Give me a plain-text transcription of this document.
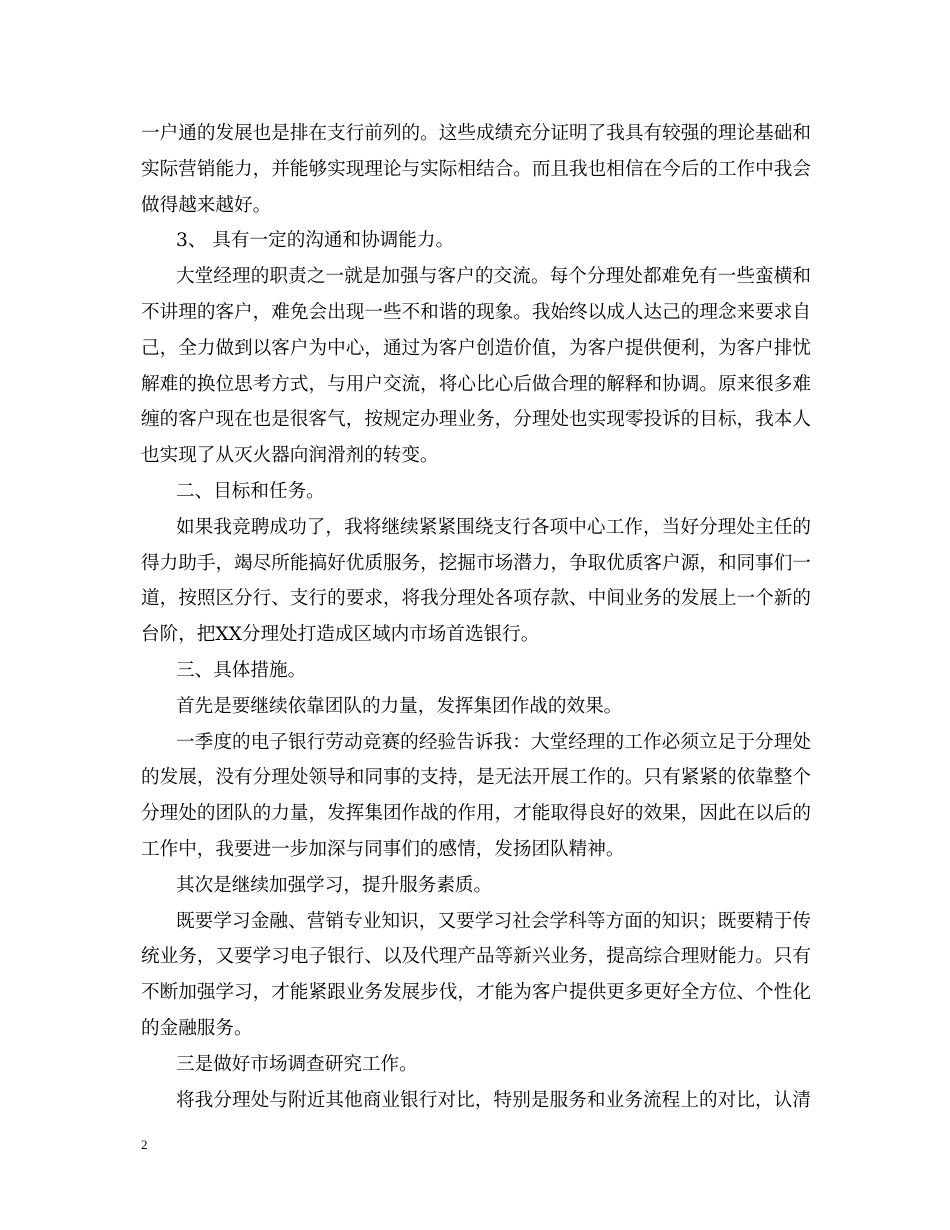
一户通的发展也是排在支行前列的。这些成绩充分证明了我具有较强的理论基础和
实际营销能力，并能够实现理论与实际相结合。而且我也相信在今后的工作中我会
做得越来越好。
3、 具有一定的沟通和协调能力。
大堂经理的职责之一就是加强与客户的交流。每个分理处都难免有一些蛮横和
不讲理的客户，难免会出现一些不和谐的现象。我始终以成人达己的理念来要求自
己，全力做到以客户为中心，通过为客户创造价值，为客户提供便利，为客户排忧
解难的换位思考方式，与用户交流，将心比心后做合理的解释和协调。原来很多难
缠的客户现在也是很客气，按规定办理业务，分理处也实现零投诉的目标，我本人
也实现了从灭火器向润滑剂的转变。
二、目标和任务。
如果我竞聘成功了，我将继续紧紧围绕支行各项中心工作，当好分理处主任的
得力助手，竭尽所能搞好优质服务，挖掘市场潜力，争取优质客户源，和同事们一
道，按照区分行、支行的要求，将我分理处各项存款、中间业务的发展上一个新的
台阶，把XX分理处打造成区域内市场首选银行。
三、具体措施。
首先是要继续依靠团队的力量，发挥集团作战的效果。
一季度的电子银行劳动竞赛的经验告诉我：大堂经理的工作必须立足于分理处
的发展，没有分理处领导和同事的支持，是无法开展工作的。只有紧紧的依靠整个
分理处的团队的力量，发挥集团作战的作用，才能取得良好的效果，因此在以后的
工作中，我要进一步加深与同事们的感情，发扬团队精神。
其次是继续加强学习，提升服务素质。
既要学习金融、营销专业知识，又要学习社会学科等方面的知识；既要精于传
统业务，又要学习电子银行、以及代理产品等新兴业务，提高综合理财能力。只有
不断加强学习，才能紧跟业务发展步伐，才能为客户提供更多更好全方位、个性化
的金融服务。
三是做好市场调查研究工作。
将我分理处与附近其他商业银行对比，特别是服务和业务流程上的对比，认清
2
